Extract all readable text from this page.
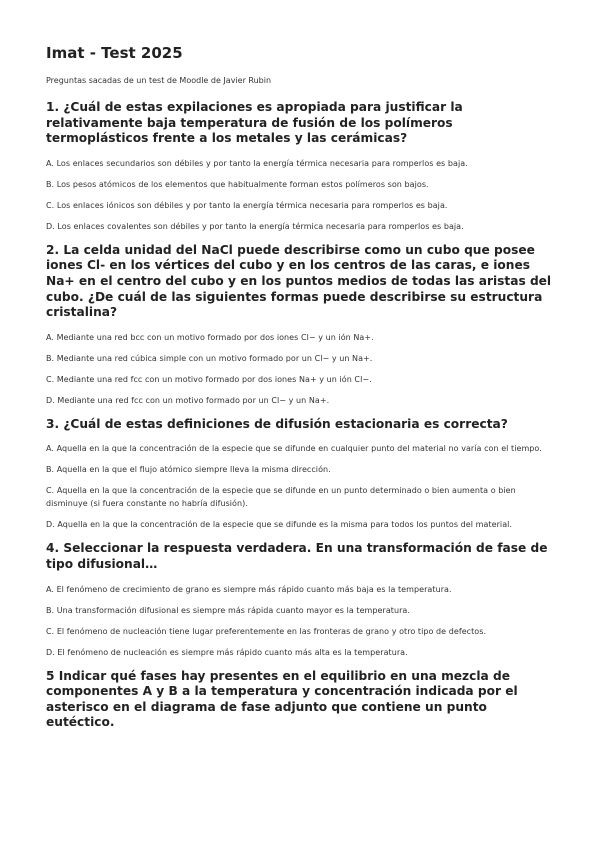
Imat - Test 2025
Preguntas sacadas de un test de Moodle de Javier Rubin
1. ¿Cuál de estas expilaciones es apropiada para justificar la relativamente baja temperatura de fusión de los polímeros termoplásticos frente a los metales y las cerámicas?
A. Los enlaces secundarios son débiles y por tanto la energía térmica necesaria para romperlos es baja.
B. Los pesos atómicos de los elementos que habitualmente forman estos polímeros son bajos.
C. Los enlaces iónicos son débiles y por tanto la energía térmica necesaria para romperlos es baja.
D. Los enlaces covalentes son débiles y por tanto la energía térmica necesaria para romperlos es baja.
2. La celda unidad del NaCl puede describirse como un cubo que posee iones Cl- en los vértices del cubo y en los centros de las caras, e iones Na+ en el centro del cubo y en los puntos medios de todas las aristas del cubo. ¿De cuál de las siguientes formas puede describirse su estructura cristalina?
A. Mediante una red bcc con un motivo formado por dos iones Cl− y un ión Na+.
B. Mediante una red cúbica simple con un motivo formado por un Cl− y un Na+.
C. Mediante una red fcc con un motivo formado por dos iones Na+ y un ión Cl−.
D. Mediante una red fcc con un motivo formado por un Cl− y un Na+.
3. ¿Cuál de estas definiciones de difusión estacionaria es correcta?
A. Aquella en la que la concentración de la especie que se difunde en cualquier punto del material no varía con el tiempo.
B. Aquella en la que el flujo atómico siempre lleva la misma dirección.
C. Aquella en la que la concentración de la especie que se difunde en un punto determinado o bien aumenta o bien disminuye (si fuera constante no habría difusión).
D. Aquella en la que la concentración de la especie que se difunde es la misma para todos los puntos del material.
4. Seleccionar la respuesta verdadera. En una transformación de fase de tipo difusional…
A. El fenómeno de crecimiento de grano es siempre más rápido cuanto más baja es la temperatura.
B. Una transformación difusional es siempre más rápida cuanto mayor es la temperatura.
C. El fenómeno de nucleación tiene lugar preferentemente en las fronteras de grano y otro tipo de defectos.
D. El fenómeno de nucleación es siempre más rápido cuanto más alta es la temperatura.
5 Indicar qué fases hay presentes en el equilibrio en una mezcla de componentes A y B a la temperatura y concentración indicada por el asterisco en el diagrama de fase adjunto que contiene un punto eutéctico.
